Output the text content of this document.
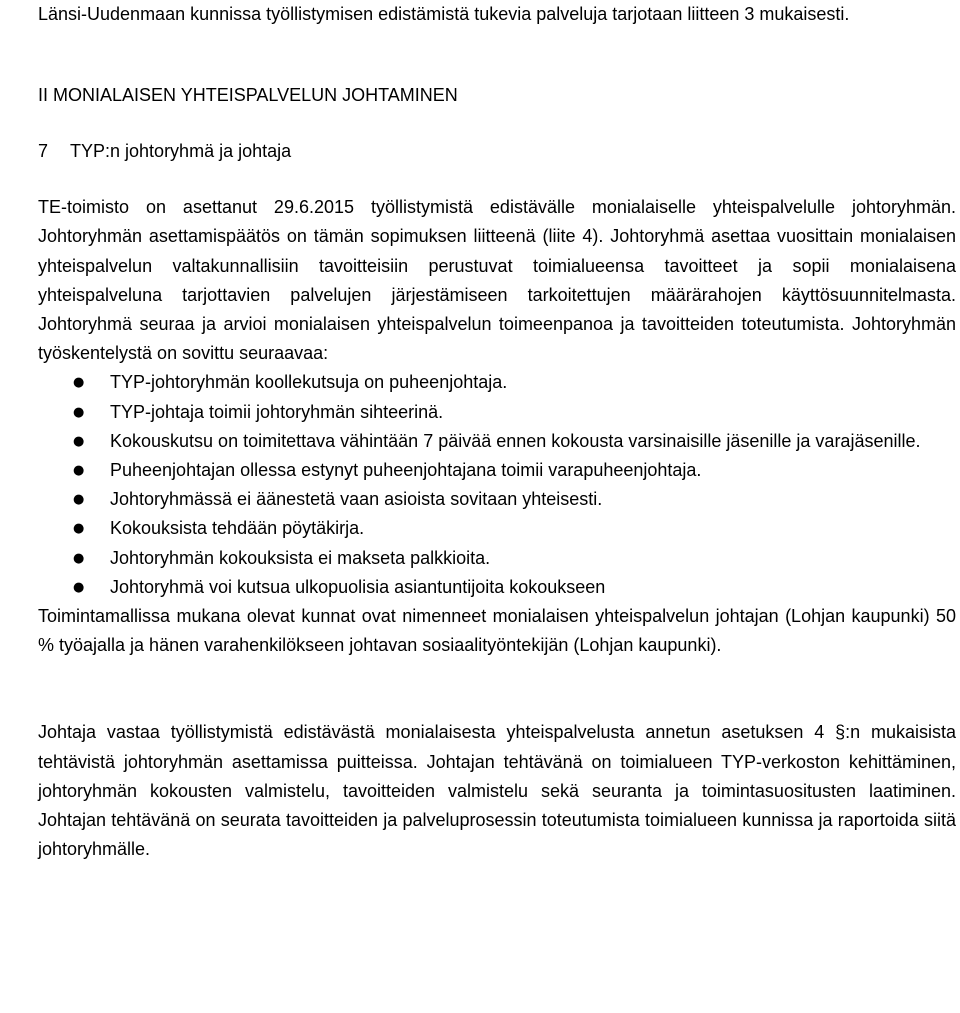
Länsi-Uudenmaan kunnissa työllistymisen edistämistä tukevia palveluja tarjotaan liitteen 3 mukaisesti.

II MONIALAISEN YHTEISPALVELUN JOHTAMINEN
7 TYP:n johtoryhmä ja johtaja

TE-toimisto on asettanut 29.6.2015 työllistymistä edistävälle monialaiselle yhteispalvelulle johtoryhmän. Johtoryhmän asettamispäätös on tämän sopimuksen liitteenä (liite 4). Johtoryhmä asettaa vuosittain monialaisen yhteispalvelun valtakunnallisiin tavoitteisiin perustuvat toimialueensa tavoitteet ja sopii monialaisena yhteispalveluna tarjottavien palvelujen järjestämiseen tarkoitettujen määrärahojen käyttösuunnitelmasta. Johtoryhmä seuraa ja arvioi monialaisen yhteispalvelun toimeenpanoa ja tavoitteiden toteutumista. Johtoryhmän työskentelystä on sovittu seuraavaa:

● TYP-johtoryhmän koollekutsuja on puheenjohtaja.
● TYP-johtaja toimii johtoryhmän sihteerinä.
● Kokouskutsu on toimitettava vähintään 7 päivää ennen kokousta varsinaisille jäsenille ja varajäsenille.
● Puheenjohtajan ollessa estynyt puheenjohtajana toimii varapuheenjohtaja.
● Johtoryhmässä ei äänestetä vaan asioista sovitaan yhteisesti.
● Kokouksista tehdään pöytäkirja.
● Johtoryhmän kokouksista ei makseta palkkioita.
● Johtoryhmä voi kutsua ulkopuolisia asiantuntijoita kokoukseen

Toimintamallissa mukana olevat kunnat ovat nimenneet monialaisen yhteispalvelun johtajan (Lohjan kaupunki) 50 % työajalla ja hänen varahenkilökseen johtavan sosiaalityöntekijän (Lohjan kaupunki).

Johtaja vastaa työllistymistä edistävästä monialaisesta yhteispalvelusta annetun asetuksen 4 §:n mukaisista tehtävistä johtoryhmän asettamissa puitteissa. Johtajan tehtävänä on toimialueen TYP-verkoston kehittäminen, johtoryhmän kokousten valmistelu, tavoitteiden valmistelu sekä seuranta ja toimintasuositusten laatiminen. Johtajan tehtävänä on seurata tavoitteiden ja palveluprosessin toteutumista toimialueen kunnissa ja raportoida siitä johtoryhmälle.
